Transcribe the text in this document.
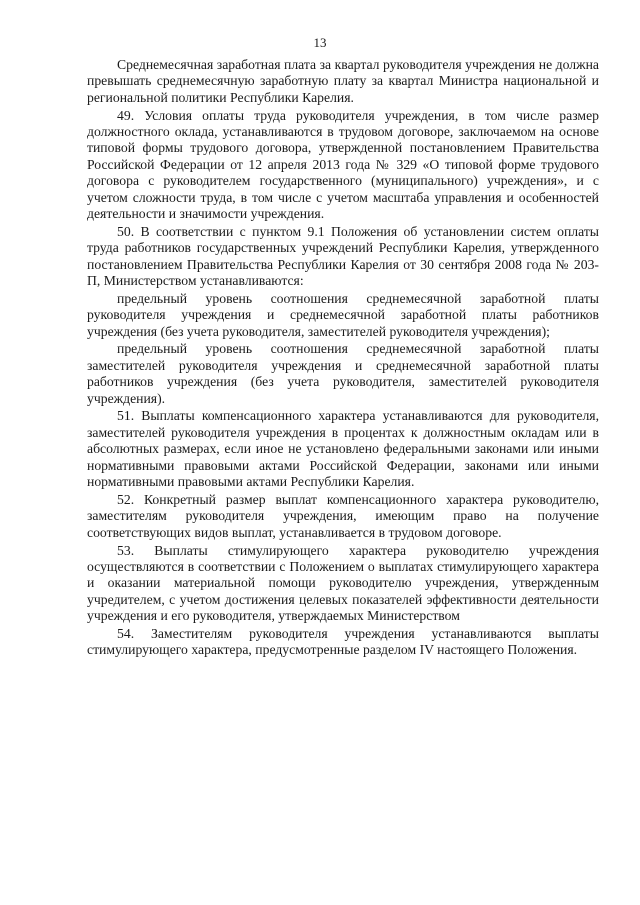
13

Среднемесячная заработная плата за квартал руководителя учреждения не должна превышать среднемесячную заработную плату за квартал Министра национальной и региональной политики Республики Карелия.

49. Условия оплаты труда руководителя учреждения, в том числе размер должностного оклада, устанавливаются в трудовом договоре, заключаемом на основе типовой формы трудового договора, утвержденной постановлением Правительства Российской Федерации от 12 апреля 2013 года № 329 «О типовой форме трудового договора с руководителем государственного (муниципального) учреждения», и с учетом сложности труда, в том числе с учетом масштаба управления и особенностей деятельности и значимости учреждения.

50. В соответствии с пунктом 9.1 Положения об установлении систем оплаты труда работников государственных учреждений Республики Карелия, утвержденного постановлением Правительства Республики Карелия от 30 сентября 2008 года № 203-П, Министерством устанавливаются:

предельный уровень соотношения среднемесячной заработной платы руководителя учреждения и среднемесячной заработной платы работников учреждения (без учета руководителя, заместителей руководителя учреждения);

предельный уровень соотношения среднемесячной заработной платы заместителей руководителя учреждения и среднемесячной заработной платы работников учреждения (без учета руководителя, заместителей руководителя учреждения).

51. Выплаты компенсационного характера устанавливаются для руководителя, заместителей руководителя учреждения в процентах к должностным окладам или в абсолютных размерах, если иное не установлено федеральными законами или иными нормативными правовыми актами Российской Федерации, законами или иными нормативными правовыми актами Республики Карелия.

52. Конкретный размер выплат компенсационного характера руководителю, заместителям руководителя учреждения, имеющим право на получение соответствующих видов выплат, устанавливается в трудовом договоре.

53. Выплаты стимулирующего характера руководителю учреждения осуществляются в соответствии с Положением о выплатах стимулирующего характера и оказании материальной помощи руководителю учреждения, утвержденным учредителем, с учетом достижения целевых показателей эффективности деятельности учреждения и его руководителя, утверждаемых Министерством

54. Заместителям руководителя учреждения устанавливаются выплаты стимулирующего характера, предусмотренные разделом IV настоящего Положения.
